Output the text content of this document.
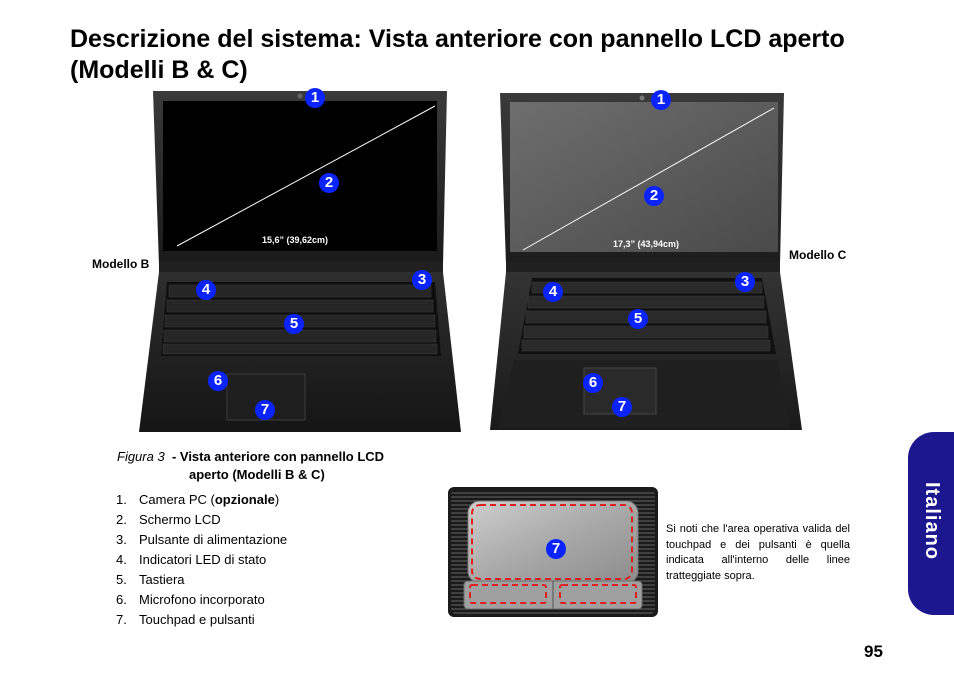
Descrizione del sistema: Vista anteriore con pannello LCD aperto (Modelli B & C)
15,6” (39,62cm)	17,3” (43,94cm)
Modello B
Modello C
1
2
3
4
5
6
7
1
2
3
4
5
6
7
Figura 3 - Vista anteriore con pannello LCD
aperto (Modelli B & C)
1. Camera PC (opzionale)
2. Schermo LCD
3. Pulsante di alimentazione
4. Indicatori LED di stato
5. Tastiera
6. Microfono incorporato
7. Touchpad e pulsanti
7
Si noti che l'area operativa valida del touchpad e dei pulsanti è quella indicata all'interno delle linee tratteggiate sopra.
Italiano
95
